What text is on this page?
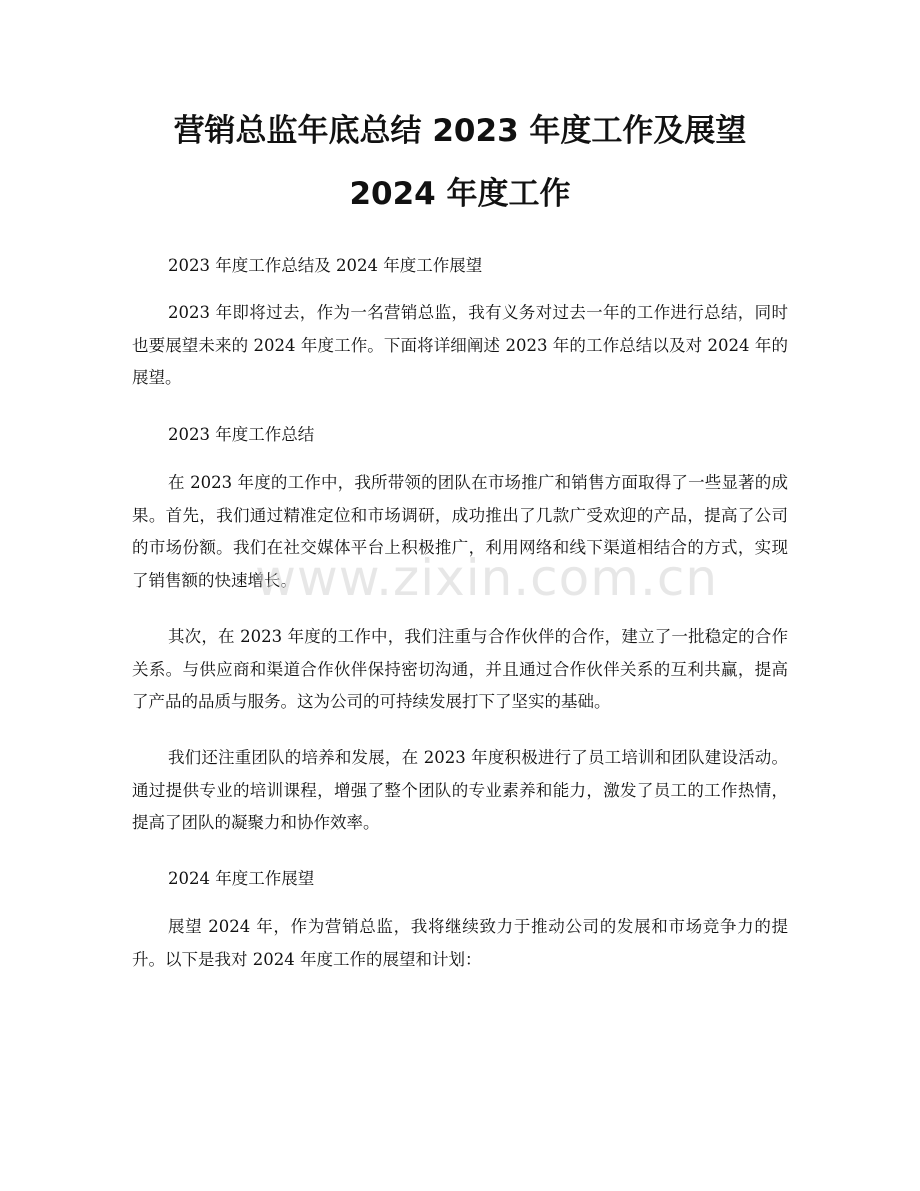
营销总监年底总结 2023 年度工作及展望
2024 年度工作

2023 年度工作总结及 2024 年度工作展望

2023 年即将过去，作为一名营销总监，我有义务对过去一年的工作进行总结，同时也要展望未来的 2024 年度工作。下面将详细阐述 2023 年的工作总结以及对 2024 年的展望。

2023 年度工作总结

在 2023 年度的工作中，我所带领的团队在市场推广和销售方面取得了一些显著的成果。首先，我们通过精准定位和市场调研，成功推出了几款广受欢迎的产品，提高了公司的市场份额。我们在社交媒体平台上积极推广，利用网络和线下渠道相结合的方式，实现了销售额的快速增长。

其次，在 2023 年度的工作中，我们注重与合作伙伴的合作，建立了一批稳定的合作关系。与供应商和渠道合作伙伴保持密切沟通，并且通过合作伙伴关系的互利共赢，提高了产品的品质与服务。这为公司的可持续发展打下了坚实的基础。

我们还注重团队的培养和发展，在 2023 年度积极进行了员工培训和团队建设活动。通过提供专业的培训课程，增强了整个团队的专业素养和能力，激发了员工的工作热情，提高了团队的凝聚力和协作效率。

2024 年度工作展望

展望 2024 年，作为营销总监，我将继续致力于推动公司的发展和市场竞争力的提升。以下是我对 2024 年度工作的展望和计划：

www.zixin.com.cn
